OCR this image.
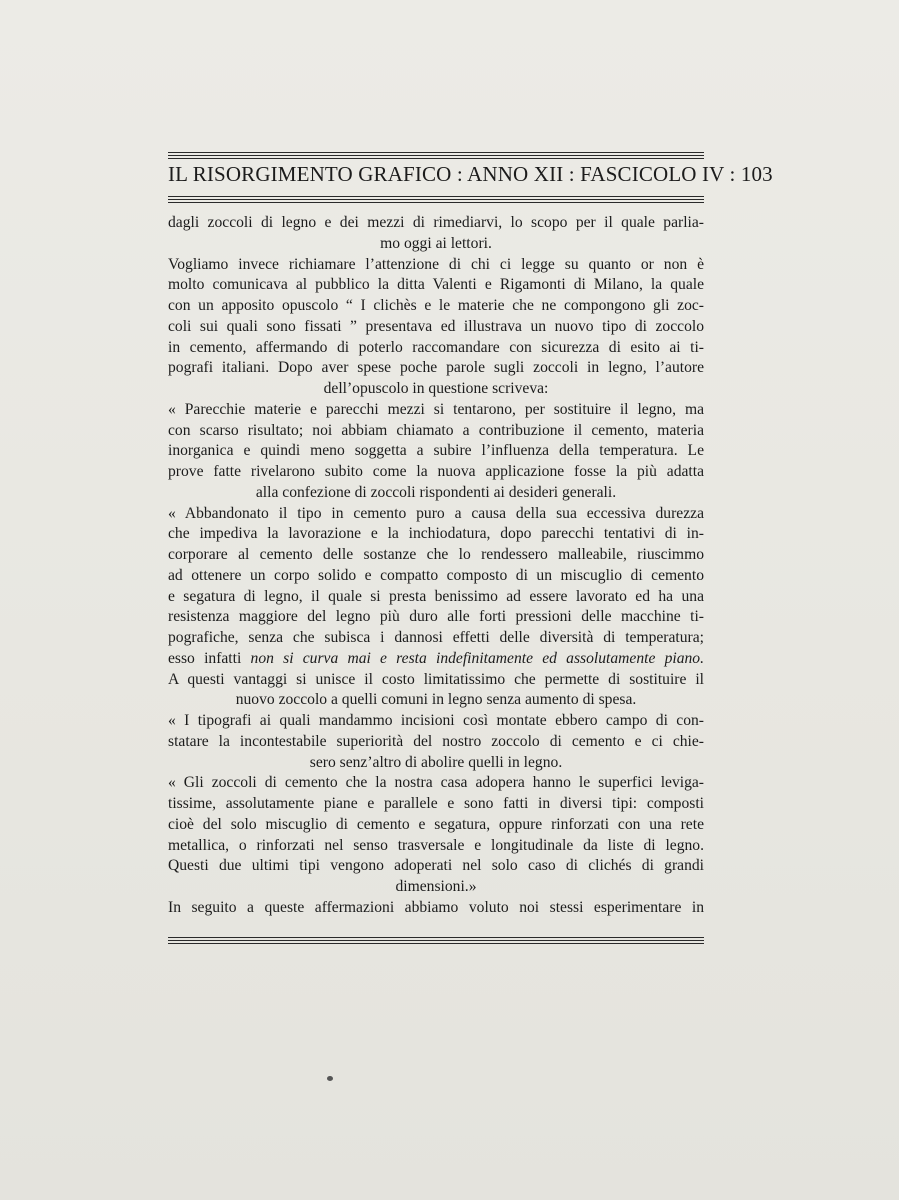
IL RISORGIMENTO GRAFICO : ANNO XII : FASCICOLO IV : 103
dagli zoccoli di legno e dei mezzi di rimediarvi, lo scopo per il quale parlia-
mo oggi ai lettori.
Vogliamo invece richiamare l’attenzione di chi ci legge su quanto or non è
molto comunicava al pubblico la ditta Valenti e Rigamonti di Milano, la quale
con un apposito opuscolo “ I clichès e le materie che ne compongono gli zoc-
coli sui quali sono fissati ” presentava ed illustrava un nuovo tipo di zoccolo
in cemento, affermando di poterlo raccomandare con sicurezza di esito ai ti-
pografi italiani. Dopo aver spese poche parole sugli zoccoli in legno, l’autore
dell’opuscolo in questione scriveva:
« Parecchie materie e parecchi mezzi si tentarono, per sostituire il legno, ma
con scarso risultato; noi abbiam chiamato a contribuzione il cemento, materia
inorganica e quindi meno soggetta a subire l’influenza della temperatura. Le
prove fatte rivelarono subito come la nuova applicazione fosse la più adatta
alla confezione di zoccoli rispondenti ai desideri generali.
« Abbandonato il tipo in cemento puro a causa della sua eccessiva durezza
che impediva la lavorazione e la inchiodatura, dopo parecchi tentativi di in-
corporare al cemento delle sostanze che lo rendessero malleabile, riuscimmo
ad ottenere un corpo solido e compatto composto di un miscuglio di cemento
e segatura di legno, il quale si presta benissimo ad essere lavorato ed ha una
resistenza maggiore del legno più duro alle forti pressioni delle macchine ti-
pografiche, senza che subisca i dannosi effetti delle diversità di temperatura;
esso infatti non si curva mai e resta indefinitamente ed assolutamente piano.
A questi vantaggi si unisce il costo limitatissimo che permette di sostituire il
nuovo zoccolo a quelli comuni in legno senza aumento di spesa.
« I tipografi ai quali mandammo incisioni così montate ebbero campo di con-
statare la incontestabile superiorità del nostro zoccolo di cemento e ci chie-
sero senz’altro di abolire quelli in legno.
« Gli zoccoli di cemento che la nostra casa adopera hanno le superfici leviga-
tissime, assolutamente piane e parallele e sono fatti in diversi tipi: composti
cioè del solo miscuglio di cemento e segatura, oppure rinforzati con una rete
metallica, o rinforzati nel senso trasversale e longitudinale da liste di legno.
Questi due ultimi tipi vengono adoperati nel solo caso di clichés di grandi
dimensioni.»
In seguito a queste affermazioni abbiamo voluto noi stessi esperimentare in
